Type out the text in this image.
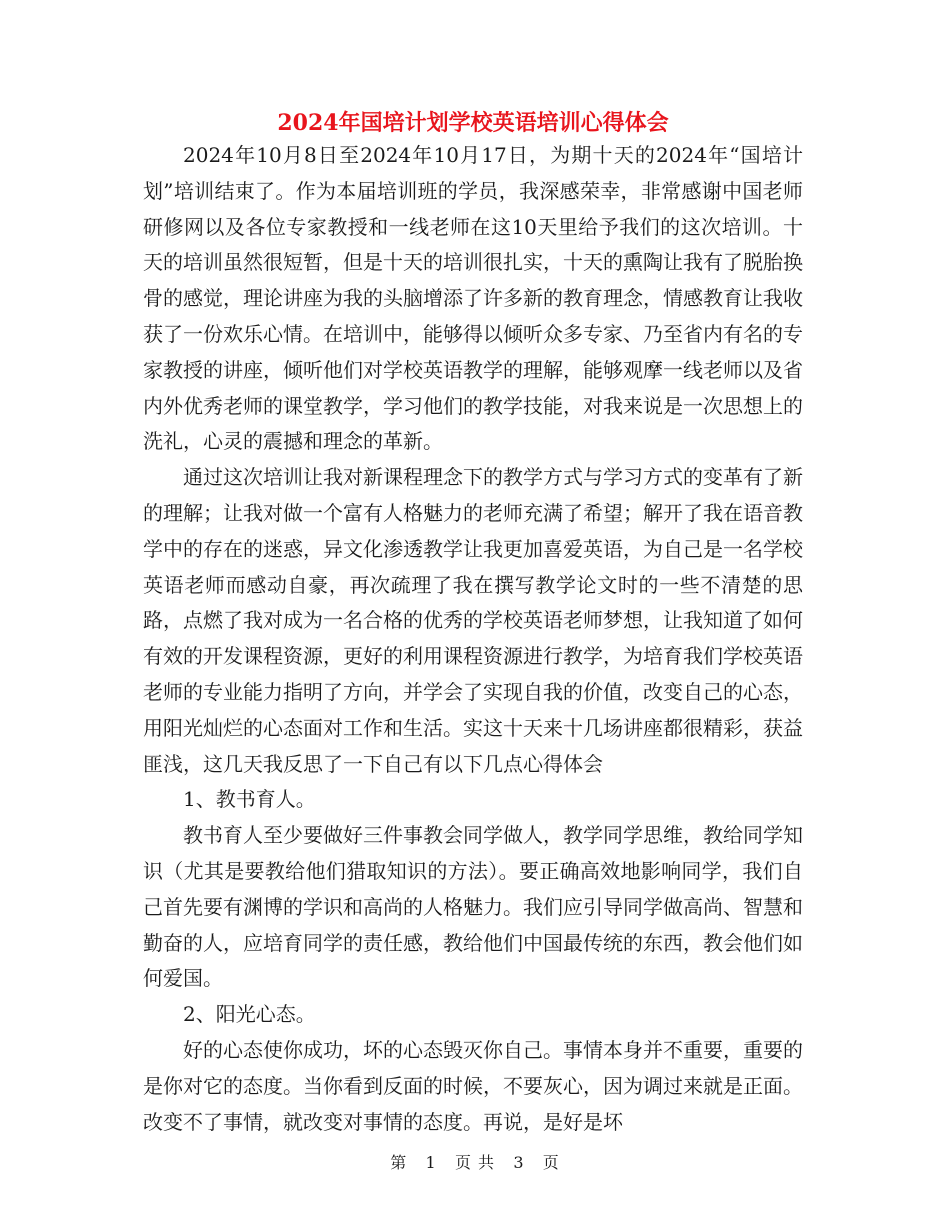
2024年国培计划学校英语培训心得体会

2024年10月8日至2024年10月17日，为期十天的2024年“国培计划”培训结束了。作为本届培训班的学员，我深感荣幸，非常感谢中国老师研修网以及各位专家教授和一线老师在这10天里给予我们的这次培训。十天的培训虽然很短暂，但是十天的培训很扎实，十天的熏陶让我有了脱胎换骨的感觉，理论讲座为我的头脑增添了许多新的教育理念，情感教育让我收获了一份欢乐心情。在培训中，能够得以倾听众多专家、乃至省内有名的专家教授的讲座，倾听他们对学校英语教学的理解，能够观摩一线老师以及省内外优秀老师的课堂教学，学习他们的教学技能，对我来说是一次思想上的洗礼，心灵的震撼和理念的革新。

通过这次培训让我对新课程理念下的教学方式与学习方式的变革有了新的理解；让我对做一个富有人格魅力的老师充满了希望；解开了我在语音教学中的存在的迷惑，异文化渗透教学让我更加喜爱英语，为自己是一名学校英语老师而感动自豪，再次疏理了我在撰写教学论文时的一些不清楚的思路，点燃了我对成为一名合格的优秀的学校英语老师梦想，让我知道了如何有效的开发课程资源，更好的利用课程资源进行教学，为培育我们学校英语老师的专业能力指明了方向，并学会了实现自我的价值，改变自己的心态，用阳光灿烂的心态面对工作和生活。实这十天来十几场讲座都很精彩，获益匪浅，这几天我反思了一下自己有以下几点心得体会

1、教书育人。

教书育人至少要做好三件事教会同学做人，教学同学思维，教给同学知识（尤其是要教给他们猎取知识的方法）。要正确高效地影响同学，我们自己首先要有渊博的学识和高尚的人格魅力。我们应引导同学做高尚、智慧和勤奋的人，应培育同学的责任感，教给他们中国最传统的东西，教会他们如何爱国。

2、阳光心态。

好的心态使你成功，坏的心态毁灭你自己。事情本身并不重要，重要的是你对它的态度。当你看到反面的时候，不要灰心，因为调过来就是正面。改变不了事情，就改变对事情的态度。再说，是好是坏

第 1 页 共 3 页
